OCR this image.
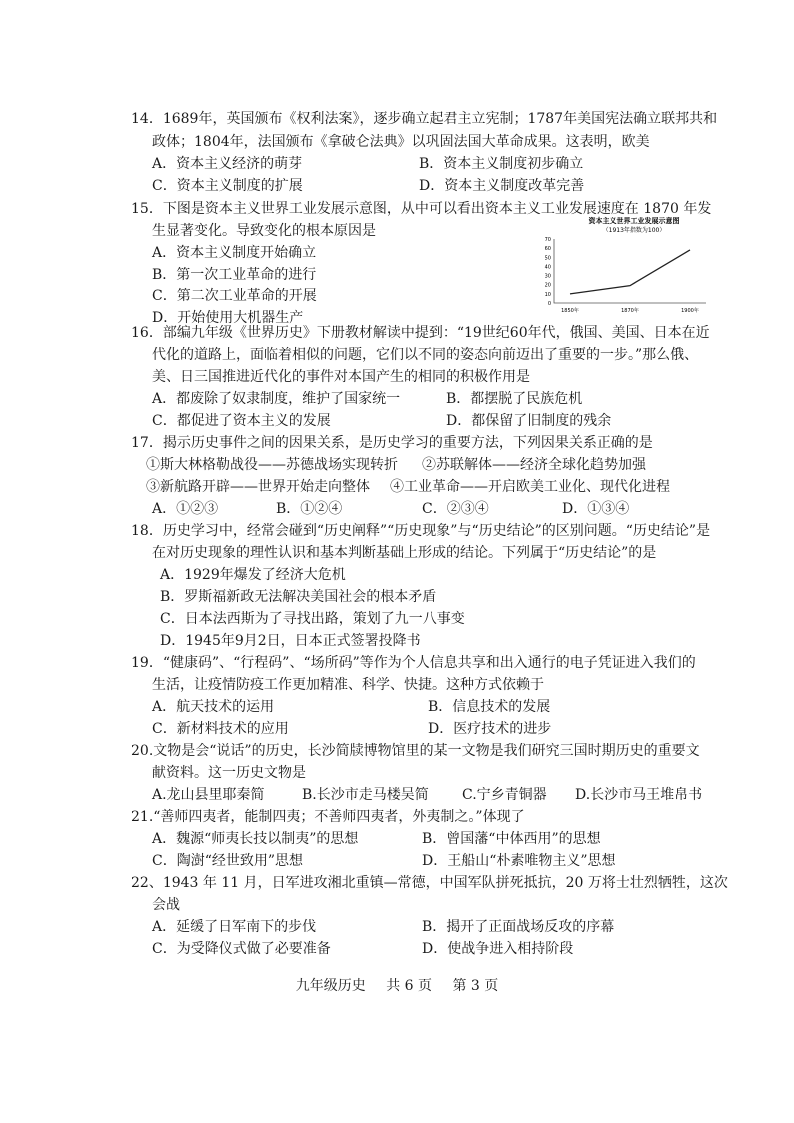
14．1689年，英国颁布《权利法案》，逐步确立起君主立宪制；1787年美国宪法确立联邦共和
政体；1804年，法国颁布《拿破仑法典》以巩固法国大革命成果。这表明，欧美
A．资本主义经济的萌芽	B．资本主义制度初步确立
C．资本主义制度的扩展	D．资本主义制度改革完善
15．下图是资本主义世界工业发展示意图，从中可以看出资本主义工业发展速度在 1870 年发
生显著变化。导致变化的根本原因是
A．资本主义制度开始确立
B．第一次工业革命的进行
C．第二次工业革命的开展
D．开始使用大机器生产
资本主义世界工业发展示意图
（1913年指数为100）
0
10
20
30
40
50
60
70
1850年	1870年	1900年
16．部编九年级《世界历史》下册教材解读中提到：“19世纪60年代，俄国、美国、日本在近
代化的道路上，面临着相似的问题，它们以不同的姿态向前迈出了重要的一步。”那么俄、
美、日三国推进近代化的事件对本国产生的相同的积极作用是
A．都废除了奴隶制度，维护了国家统一	B．都摆脱了民族危机
C．都促进了资本主义的发展	D．都保留了旧制度的残余
17．揭示历史事件之间的因果关系，是历史学习的重要方法，下列因果关系正确的是
①斯大林格勒战役——苏德战场实现转折 ②苏联解体——经济全球化趋势加强
③新航路开辟——世界开始走向整体 ④工业革命——开启欧美工业化、现代化进程
A．①②③	B．①②④	C．②③④	D．①③④
18．历史学习中，经常会碰到“历史阐释”“历史现象”与“历史结论”的区别问题。“历史结论”是
在对历史现象的理性认识和基本判断基础上形成的结论。下列属于“历史结论”的是
A．1929年爆发了经济大危机
B．罗斯福新政无法解决美国社会的根本矛盾
C．日本法西斯为了寻找出路，策划了九一八事变
D．1945年9月2日，日本正式签署投降书
19．“健康码”、“行程码”、“场所码”等作为个人信息共享和出入通行的电子凭证进入我们的
生活，让疫情防疫工作更加精准、科学、快捷。这种方式依赖于
A．航天技术的运用	B．信息技术的发展
C．新材料技术的应用	D．医疗技术的进步
20.文物是会“说话”的历史，长沙简牍博物馆里的某一文物是我们研究三国时期历史的重要文
献资料。这一历史文物是
A.龙山县里耶秦简	B.长沙市走马楼吴简 C.宁乡青铜器 D.长沙市马王堆帛书
21.“善师四夷者，能制四夷；不善师四夷者，外夷制之。”体现了
A．魏源“师夷长技以制夷”的思想	B．曾国藩“中体西用”的思想
C．陶澍“经世致用”思想	D．王船山“朴素唯物主义”思想
22、1943 年 11 月，日军进攻湘北重镇—常德，中国军队拼死抵抗，20 万将士壮烈牺牲，这次
会战
A．延缓了日军南下的步伐	B．揭开了正面战场反攻的序幕
C．为受降仪式做了必要准备	D．使战争进入相持阶段
九年级历史 共 6 页 第 3 页
